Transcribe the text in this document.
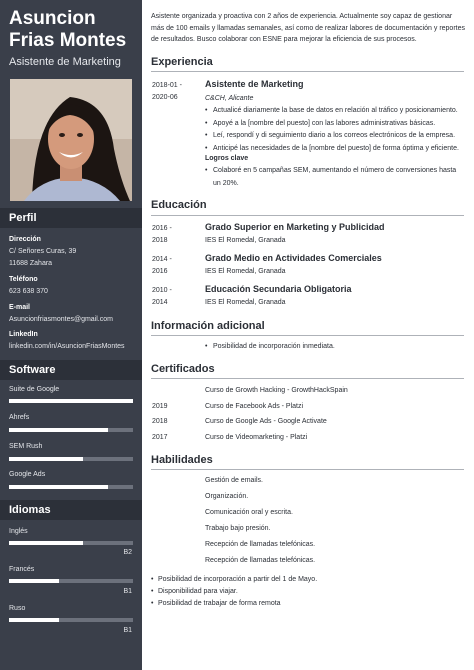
Asuncion
Frias Montes
Asistente de Marketing
Perfil
Dirección
C/ Señores Curas, 39
11688 Zahara
Teléfono
623 638 370
E-mail
Asuncionfriasmontes@gmail.com
LinkedIn
linkedin.com/in/AsuncionFriasMontes
Software
Suite de Google
Ahrefs
SEM Rush
Google Ads
Idiomas
Inglés
B2
Francés
B1
Ruso
B1
Asistente organizada y proactiva con 2 años de experiencia. Actualmente soy capaz de gestionar más de 100 emails y llamadas semanales, así como de realizar labores de documentación y reportes de resultados. Busco colaborar con ESNE para mejorar la eficiencia de sus procesos.
Experiencia
2018-01 -
2020-06
Asistente de Marketing
C&CH, Alicante
• Actualicé diariamente la base de datos en relación al tráfico y posicionamiento.
• Apoyé a la [nombre del puesto] con las labores administrativas básicas.
• Leí, respondí y di seguimiento diario a los correos electrónicos de la empresa.
• Anticipé las necesidades de la [nombre del puesto] de forma óptima y eficiente.
Logros clave
• Colaboré en 5 campañas SEM, aumentando el número de conversiones hasta un 20%.
Educación
2016 -
2018
Grado Superior en Marketing y Publicidad
IES El Romedal, Granada
2014 -
2016
Grado Medio en Actividades Comerciales
IES El Romedal, Granada
2010 -
2014
Educación Secundaria Obligatoria
IES El Romedal, Granada
Información adicional
• Posibilidad de incorporación inmediata.
Certificados
Curso de Growth Hacking - GrowthHackSpain
2019	Curso de Facebook Ads - Platzi
2018	Curso de Google Ads - Google Activate
2017	Curso de Videomarketing - Platzi
Habilidades
Gestión de emails.
Organización.
Comunicación oral y escrita.
Trabajo bajo presión.
Recepción de llamadas telefónicas.
Recepción de llamadas telefónicas.
• Posibilidad de incorporación a partir del 1 de Mayo.
• Disponibilidad para viajar.
• Posibilidad de trabajar de forma remota
